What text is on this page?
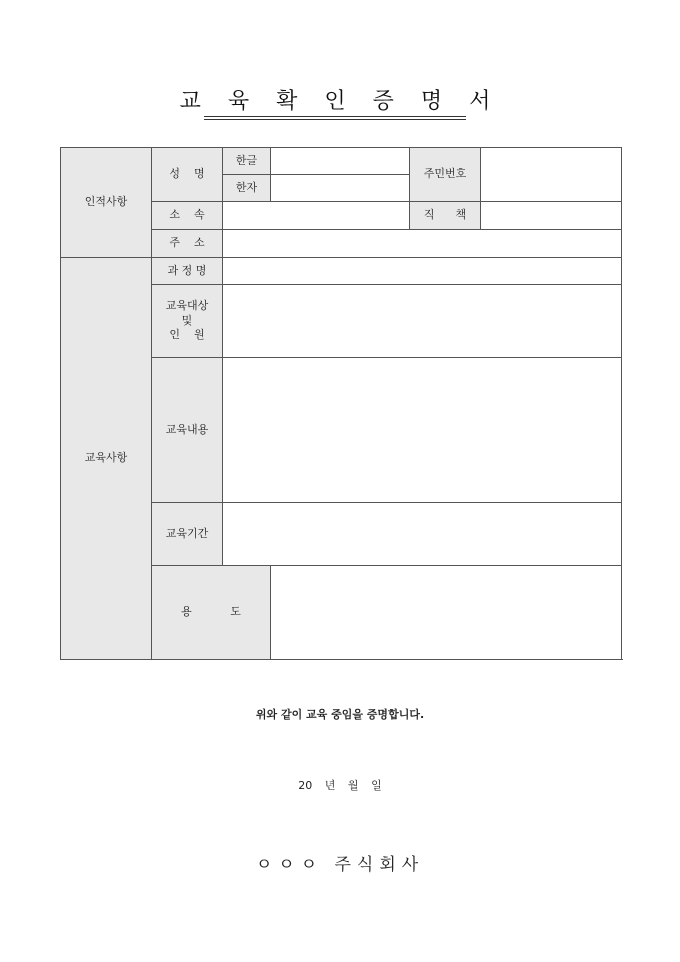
교 육 확 인 증 명 서
인적사항	성    명	한글		주민번호	
		한자			
	소    속			직      책	
	주    소				
교육사항	과 정 명				

	교육대상
및
인    원				

	교육내용				
	교육기간				
	용           도				
위와 같이 교육 중임을 증명합니다.
20 년 월 일
ㅇㅇㅇ 주식회사
